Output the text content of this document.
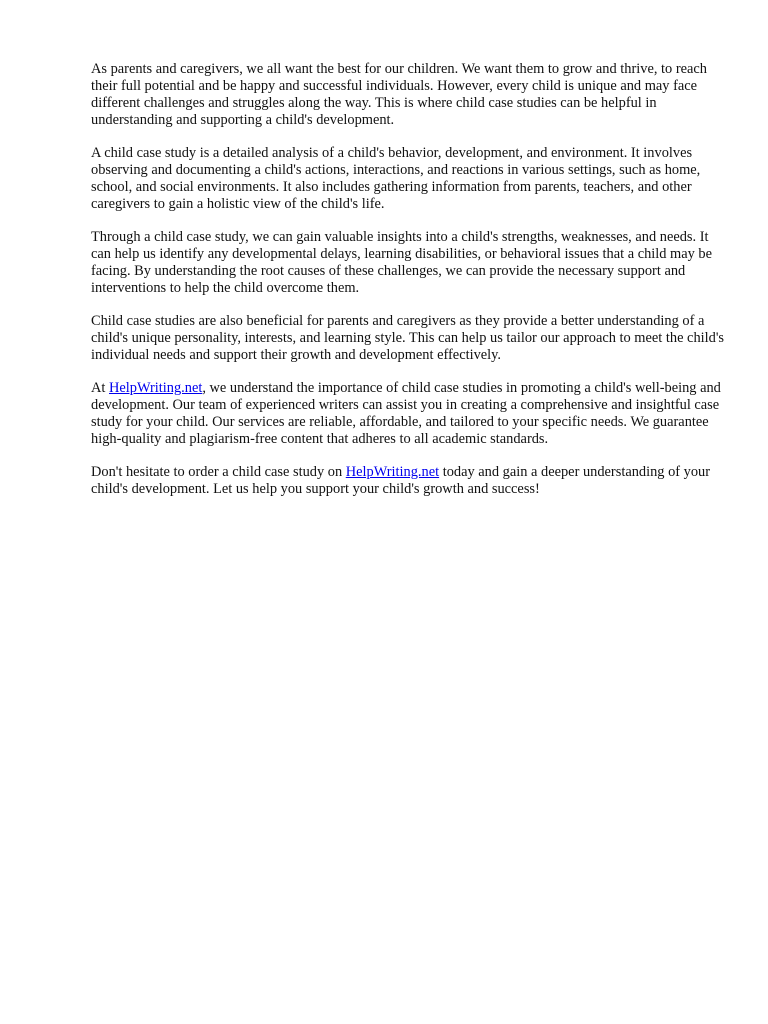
As parents and caregivers, we all want the best for our children. We want them to grow and thrive, to reach their full potential and be happy and successful individuals. However, every child is unique and may face different challenges and struggles along the way. This is where child case studies can be helpful in understanding and supporting a child's development.

A child case study is a detailed analysis of a child's behavior, development, and environment. It involves observing and documenting a child's actions, interactions, and reactions in various settings, such as home, school, and social environments. It also includes gathering information from parents, teachers, and other caregivers to gain a holistic view of the child's life.

Through a child case study, we can gain valuable insights into a child's strengths, weaknesses, and needs. It can help us identify any developmental delays, learning disabilities, or behavioral issues that a child may be facing. By understanding the root causes of these challenges, we can provide the necessary support and interventions to help the child overcome them.

Child case studies are also beneficial for parents and caregivers as they provide a better understanding of a child's unique personality, interests, and learning style. This can help us tailor our approach to meet the child's individual needs and support their growth and development effectively.

At HelpWriting.net, we understand the importance of child case studies in promoting a child's well-being and development. Our team of experienced writers can assist you in creating a comprehensive and insightful case study for your child. Our services are reliable, affordable, and tailored to your specific needs. We guarantee high-quality and plagiarism-free content that adheres to all academic standards.

Don't hesitate to order a child case study on HelpWriting.net today and gain a deeper understanding of your child's development. Let us help you support your child's growth and success!
